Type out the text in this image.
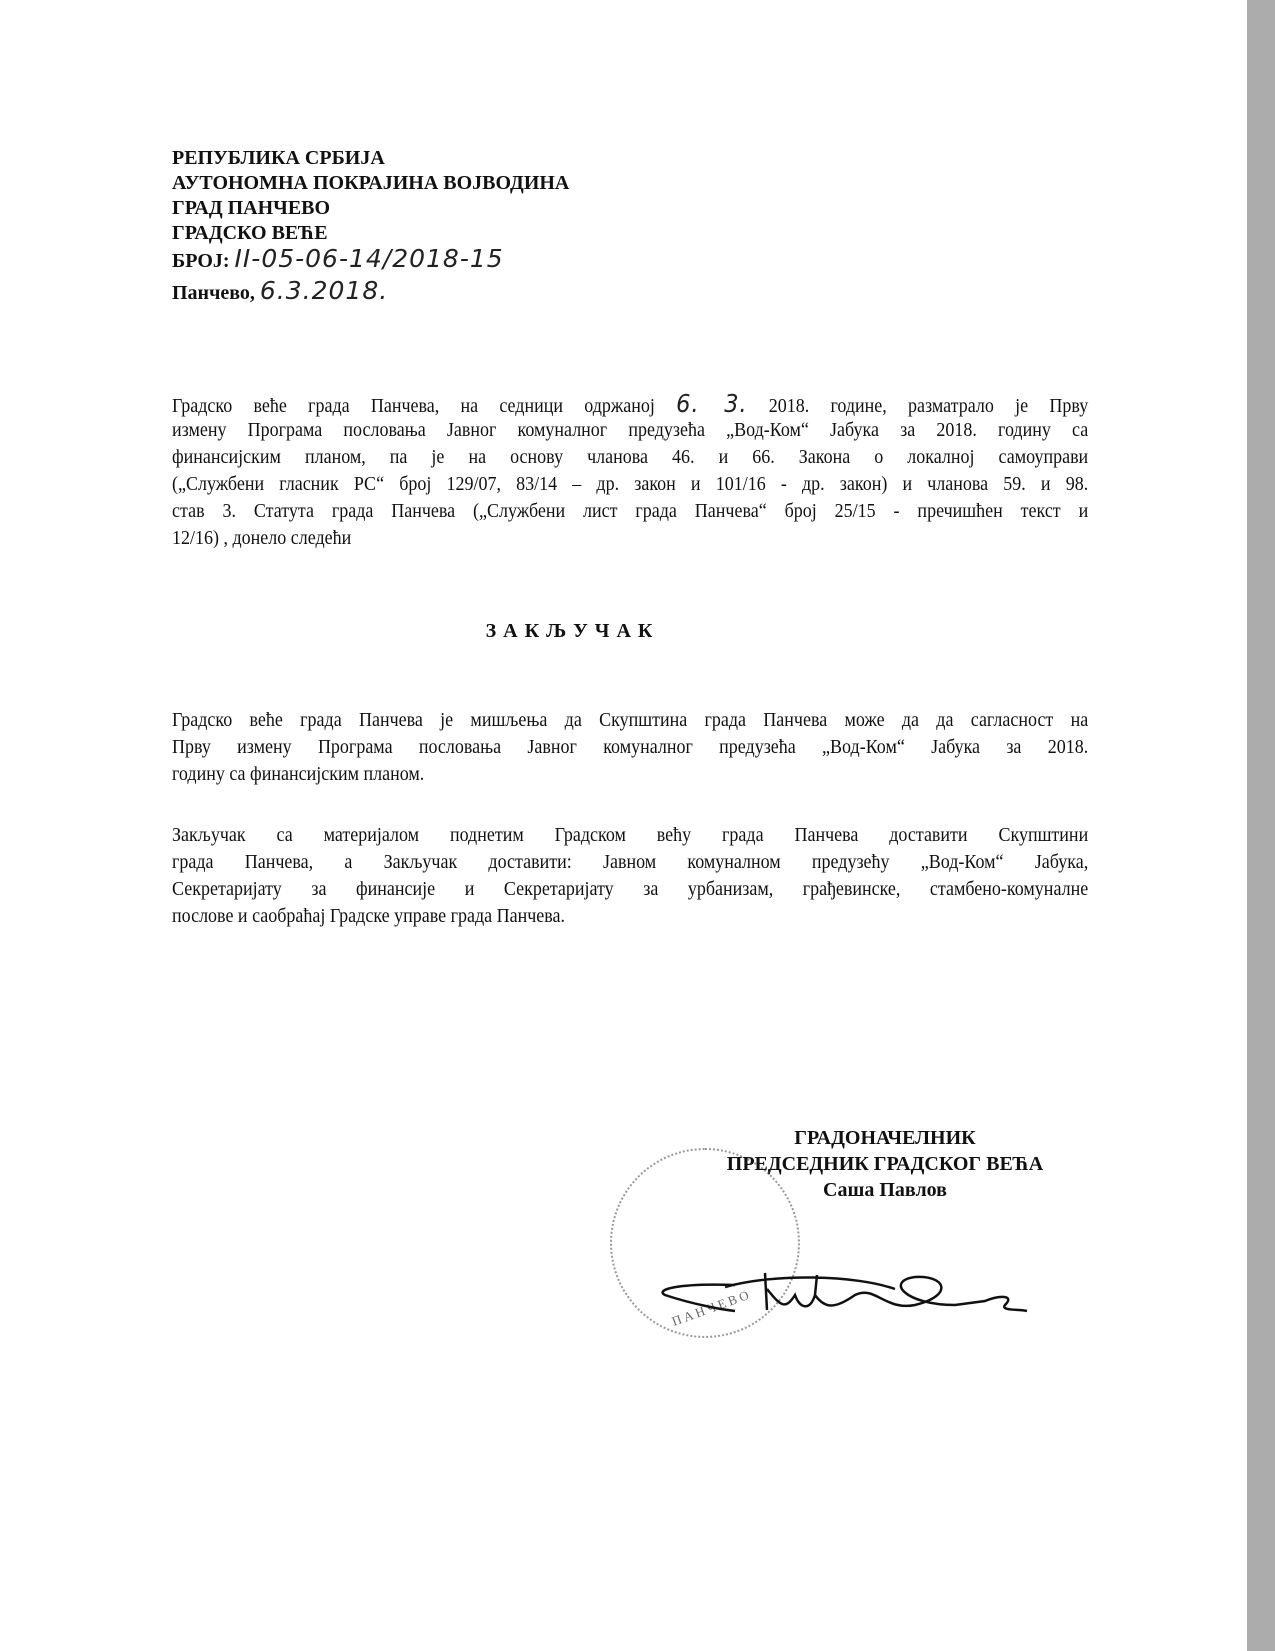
РЕПУБЛИКА СРБИЈА
АУТОНОМНА ПОКРАЈИНА ВОЈВОДИНА
ГРАД ПАНЧЕВО
ГРАДСКО ВЕЋЕ
БРОЈ: II-05-06-14/2018-15
Панчево, 6.3.2018.
Градско веће града Панчева, на седници одржаној 6. 3. 2018. године, разматрало је Прву
измену Програма пословања Јавног комуналног предузећа „Вод-Ком“ Јабука за 2018. годину са
финансијским планом, па је на основу чланова 46. и 66. Закона о локалној самоуправи
(„Службени гласник РС“ број 129/07, 83/14 – др. закон и 101/16 - др. закон) и чланова 59. и 98.
став 3. Статута града Панчева („Службени лист града Панчева“ број 25/15 - пречишћен текст и
12/16) , донело следећи
ЗАКЉУЧАК
Градско веће града Панчева је мишљења да Скупштина града Панчева може да да сагласност на
Прву измену Програма пословања Јавног комуналног предузећа „Вод-Ком“ Јабука за 2018.
годину са финансијским планом.
Закључак са материјалом поднетим Градском већу града Панчева доставити Скупштини
града Панчева, а Закључак доставити: Јавном комуналном предузећу „Вод-Ком“ Јабука,
Секретаријату за финансије и Секретаријату за урбанизам, грађевинске, стамбено-комуналне
послове и саобраћај Градске управе града Панчева.
ПАНЧЕВО
ГРАДОНАЧЕЛНИК
ПРЕДСЕДНИК ГРАДСКОГ ВЕЋА
Саша Павлов
